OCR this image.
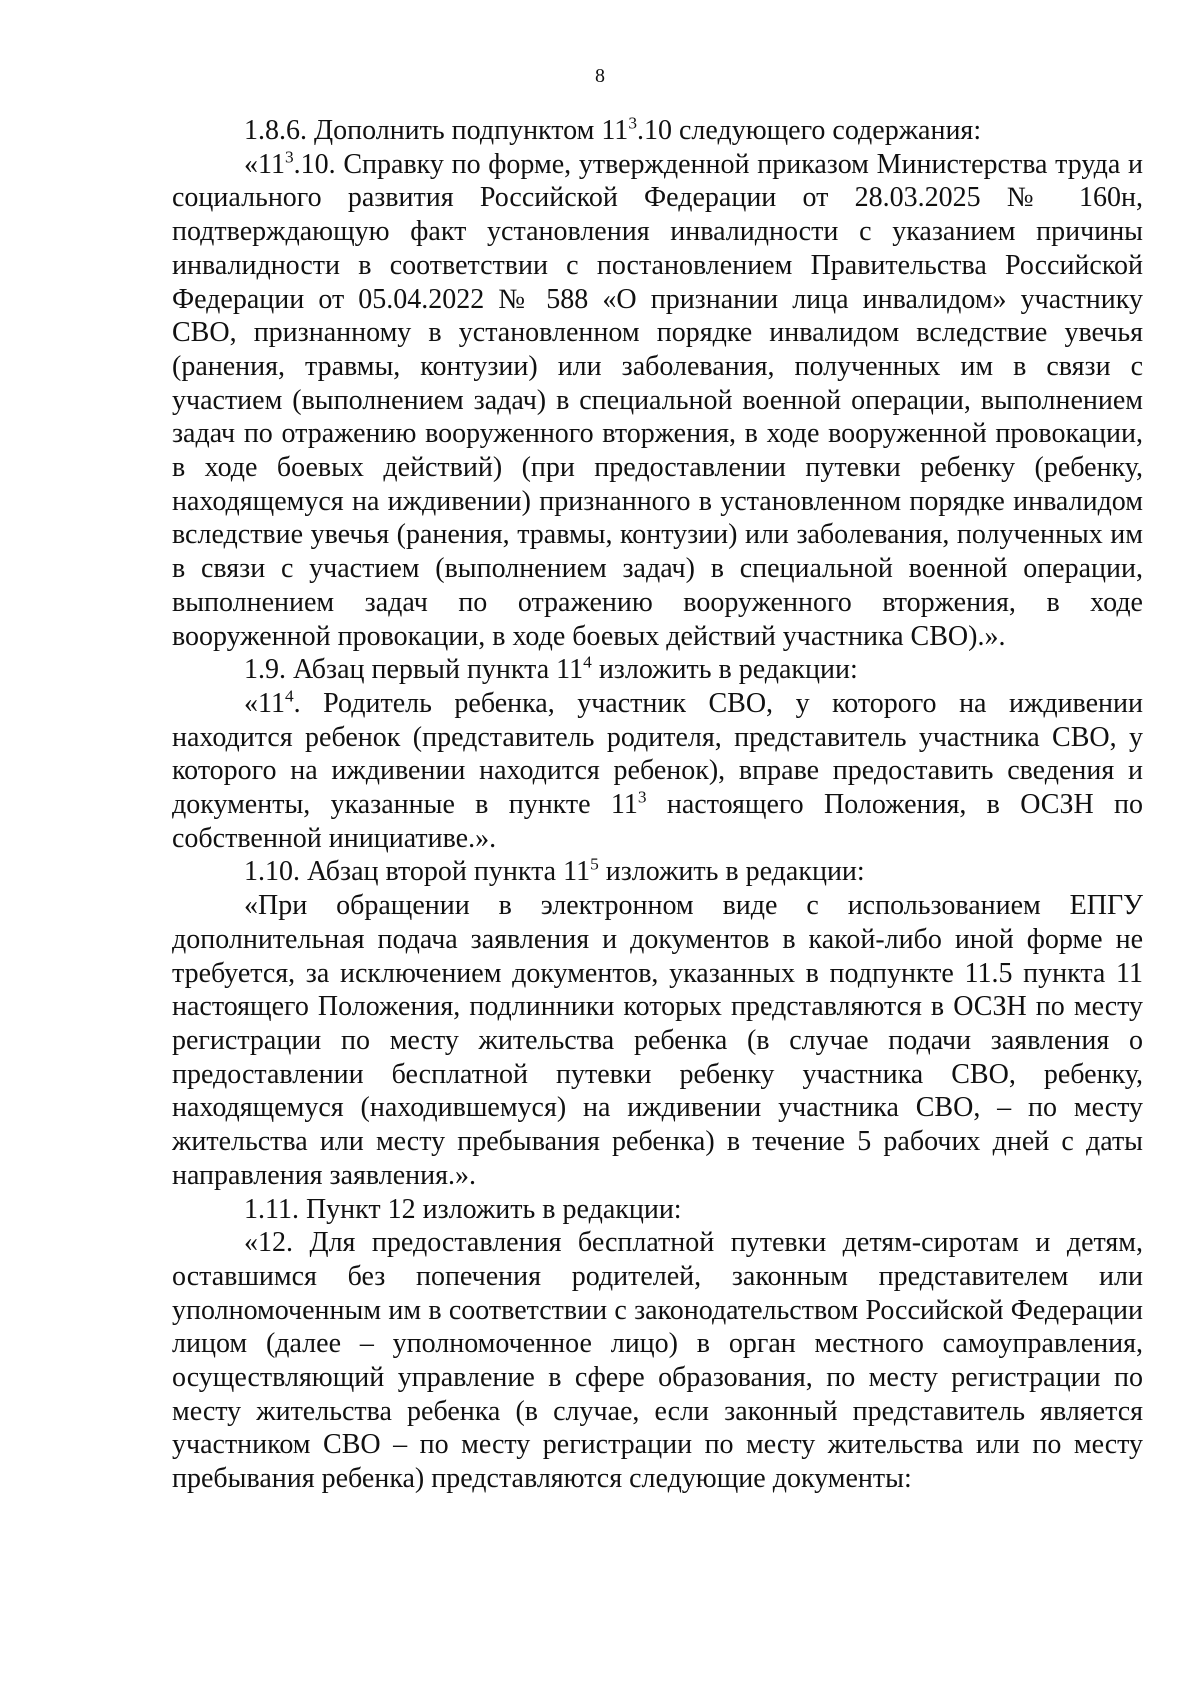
8

1.8.6. Дополнить подпунктом $11^3.10$ следующего содержания:

«$11^3.10$. Справку по форме, утвержденной приказом Министерства труда и социального развития Российской Федерации от 28.03.2025 № 160н, подтверждающую факт установления инвалидности с указанием причины инвалидности в соответствии с постановлением Правительства Российской Федерации от 05.04.2022 № 588 «О признании лица инвалидом» участнику СВО, признанному в установленном порядке инвалидом вследствие увечья (ранения, травмы, контузии) или заболевания, полученных им в связи с участием (выполнением задач) в специальной военной операции, выполнением задач по отражению вооруженного вторжения, в ходе вооруженной провокации, в ходе боевых действий) (при предоставлении путевки ребенку (ребенку, находящемуся на иждивении) признанного в установленном порядке инвалидом вследствие увечья (ранения, травмы, контузии) или заболевания, полученных им в связи с участием (выполнением задач) в специальной военной операции, выполнением задач по отражению вооруженного вторжения, в ходе вооруженной провокации, в ходе боевых действий участника СВО).».

1.9. Абзац первый пункта $11^4$ изложить в редакции:

«$11^4$. Родитель ребенка, участник СВО, у которого на иждивении находится ребенок (представитель родителя, представитель участника СВО, у которого на иждивении находится ребенок), вправе предоставить сведения и документы, указанные в пункте $11^3$ настоящего Положения, в ОСЗН по собственной инициативе.».

1.10. Абзац второй пункта $11^5$ изложить в редакции:

«При обращении в электронном виде с использованием ЕПГУ дополнительная подача заявления и документов в какой-либо иной форме не требуется, за исключением документов, указанных в подпункте 11.5 пункта 11 настоящего Положения, подлинники которых представляются в ОСЗН по месту регистрации по месту жительства ребенка (в случае подачи заявления о предоставлении бесплатной путевки ребенку участника СВО, ребенку, находящемуся (находившемуся) на иждивении участника СВО, – по месту жительства или месту пребывания ребенка) в течение 5 рабочих дней с даты направления заявления.».

1.11. Пункт 12 изложить в редакции:

«12. Для предоставления бесплатной путевки детям-сиротам и детям, оставшимся без попечения родителей, законным представителем или уполномоченным им в соответствии с законодательством Российской Федерации лицом (далее – уполномоченное лицо) в орган местного самоуправления, осуществляющий управление в сфере образования, по месту регистрации по месту жительства ребенка (в случае, если законный представитель является участником СВО – по месту регистрации по месту жительства или по месту пребывания ребенка) представляются следующие документы:
